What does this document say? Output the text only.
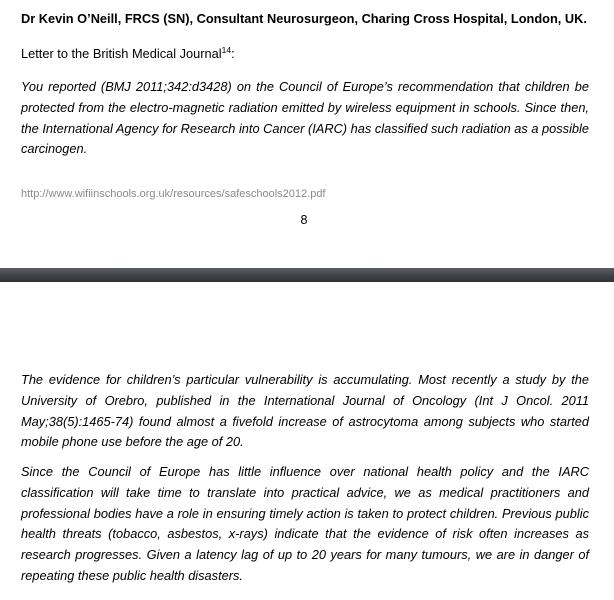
Dr Kevin O’Neill, FRCS (SN), Consultant Neurosurgeon, Charing Cross Hospital, London, UK.
Letter to the British Medical Journal$^{14}$:
You reported (BMJ 2011;342:d3428) on the Council of Europe’s recommendation that children be protected from the electro-magnetic radiation emitted by wireless equipment in schools. Since then, the International Agency for Research into Cancer (IARC) has classified such radiation as a possible carcinogen.
http://www.wifiinschools.org.uk/resources/safeschools2012.pdf
8
The evidence for children’s particular vulnerability is accumulating. Most recently a study by the University of Orebro, published in the International Journal of Oncology (Int J Oncol. 2011 May;38(5):1465-74) found almost a fivefold increase of astrocytoma among subjects who started mobile phone use before the age of 20.
Since the Council of Europe has little influence over national health policy and the IARC classification will take time to translate into practical advice, we as medical practitioners and professional bodies have a role in ensuring timely action is taken to protect children. Previous public health threats (tobacco, asbestos, x-rays) indicate that the evidence of risk often increases as research progresses. Given a latency lag of up to 20 years for many tumours, we are in danger of repeating these public health disasters.
